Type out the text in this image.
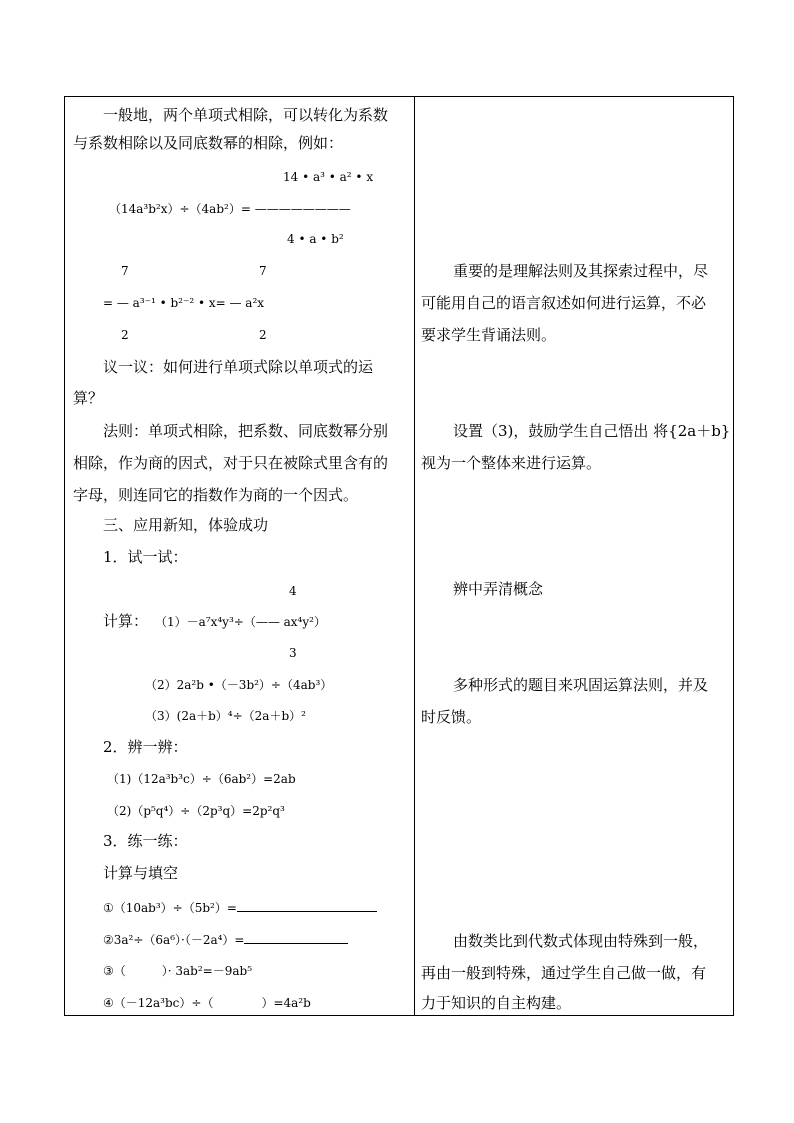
一般地，两个单项式相除，可以转化为系数
与系数相除以及同底数幂的相除，例如：
14 • a³ • a² • x
（14a³b²x）÷（4ab²）= ————————
4 • a • b²
7	7
= — a³⁻¹ • b²⁻² • x= — a²x
2	2
议一议：如何进行单项式除以单项式的运
算？
法则：单项式相除，把系数、同底数幂分别
相除，作为商的因式，对于只在被除式里含有的
字母，则连同它的指数作为商的一个因式。
三、应用新知，体验成功
1．试一试：
4
计算： （1）－a⁷x⁴y³÷（—— ax⁴y²）
3
（2）2a²b •（－3b²）÷（4ab³）
（3）(2a＋b）⁴÷（2a＋b）²
2．辨一辨：
（1)（12a³b³c）÷（6ab²）=2ab
（2)（p⁵q⁴）÷（2p³q）=2p²q³
3．练一练：
计算与填空
①（10ab³）÷（5b²）=
②3a²÷（6a⁶）·（－2a⁴）=
③（　　　）· 3ab²=－9ab⁵
④（－12a³bc）÷（　　　　）=4a²b
重要的是理解法则及其探索过程中，尽
可能用自己的语言叙述如何进行运算，不必
要求学生背诵法则。
设置（3)，鼓励学生自己悟出 将{2a＋b}
视为一个整体来进行运算。
辨中弄清概念
多种形式的题目来巩固运算法则，并及
时反馈。
由数类比到代数式体现由特殊到一般，
再由一般到特殊，通过学生自己做一做，有
力于知识的自主构建。
